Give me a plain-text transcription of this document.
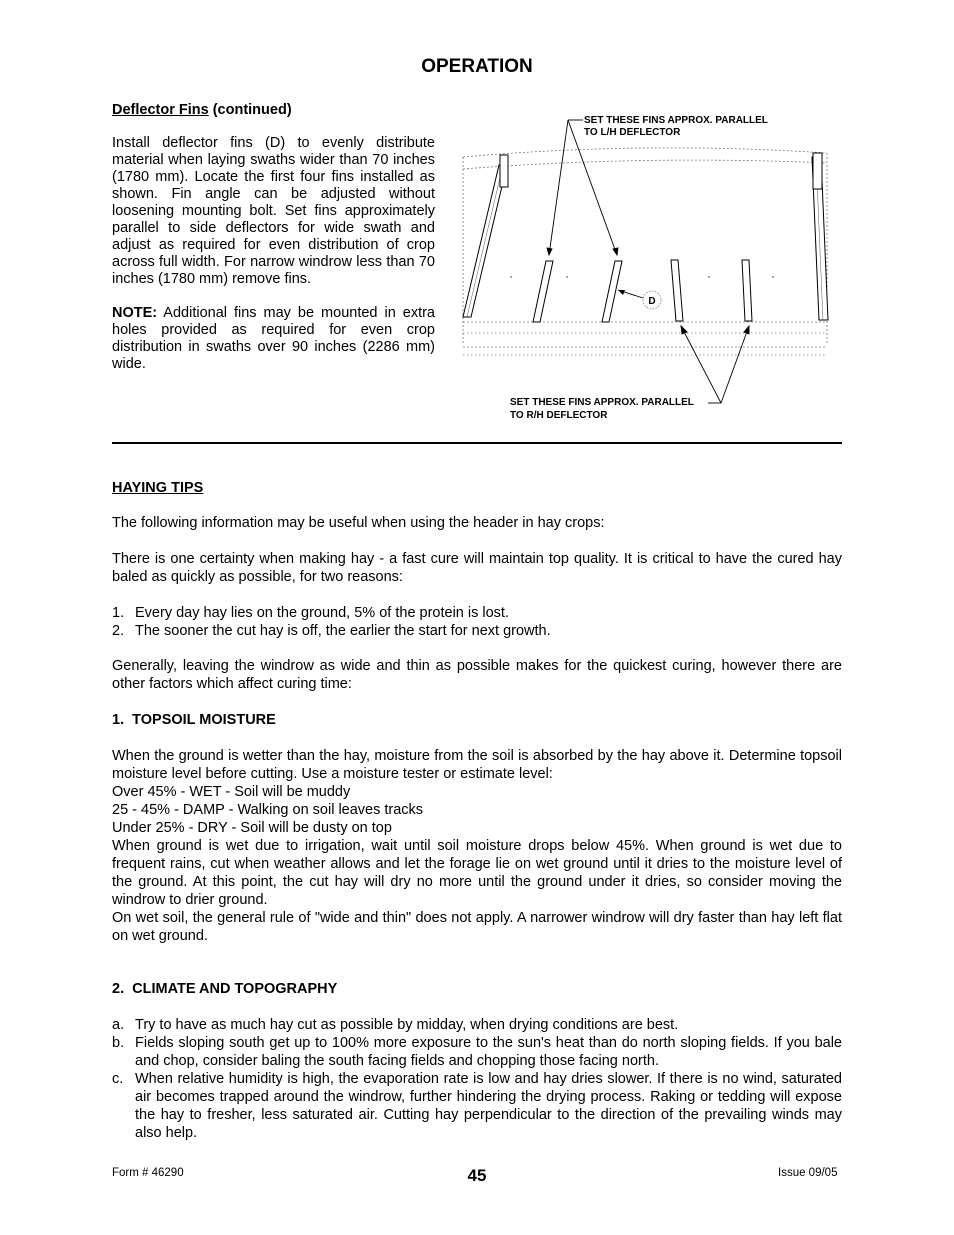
OPERATION
Deflector Fins (continued)

Install deflector fins (D) to evenly distribute material when laying swaths wider than 70 inches (1780 mm). Locate the first four fins installed as shown. Fin angle can be adjusted without loosening mounting bolt. Set fins approximately parallel to side deflectors for wide swath and adjust as required for even distribution of crop across full width. For narrow windrow less than 70 inches (1780 mm) remove fins.

NOTE: Additional fins may be mounted in extra holes provided as required for even crop distribution in swaths over 90 inches (2286 mm) wide.

SET THESE FINS APPROX. PARALLEL
TO L/H DEFLECTOR
SET THESE FINS APPROX. PARALLEL
TO R/H DEFLECTOR
D
HAYING TIPS

The following information may be useful when using the header in hay crops:

There is one certainty when making hay - a fast cure will maintain top quality. It is critical to have the cured hay baled as quickly as possible, for two reasons:

1. Every day hay lies on the ground, 5% of the protein is lost.
2. The sooner the cut hay is off, the earlier the start for next growth.

Generally, leaving the windrow as wide and thin as possible makes for the quickest curing, however there are other factors which affect curing time:

1.  TOPSOIL MOISTURE

When the ground is wetter than the hay, moisture from the soil is absorbed by the hay above it. Determine topsoil moisture level before cutting. Use a moisture tester or estimate level:

Over 45% - WET - Soil will be muddy
25 - 45% - DAMP - Walking on soil leaves tracks
Under 25% - DRY - Soil will be dusty on top

When ground is wet due to irrigation, wait until soil moisture drops below 45%. When ground is wet due to frequent rains, cut when weather allows and let the forage lie on wet ground until it dries to the moisture level of the ground. At this point, the cut hay will dry no more until the ground under it dries, so consider moving the windrow to drier ground.

On wet soil, the general rule of "wide and thin" does not apply. A narrower windrow will dry faster than hay left flat on wet ground.

2.  CLIMATE AND TOPOGRAPHY
a. Try to have as much hay cut as possible by midday, when drying conditions are best.
b. Fields sloping south get up to 100% more exposure to the sun's heat than do north sloping fields. If you bale and chop, consider baling the south facing fields and chopping those facing north.
c. When relative humidity is high, the evaporation rate is low and hay dries slower. If there is no wind, saturated air becomes trapped around the windrow, further hindering the drying process. Raking or tedding will expose the hay to fresher, less saturated air. Cutting hay perpendicular to the direction of the prevailing winds may also help.
Form # 46290	45	Issue 09/05
